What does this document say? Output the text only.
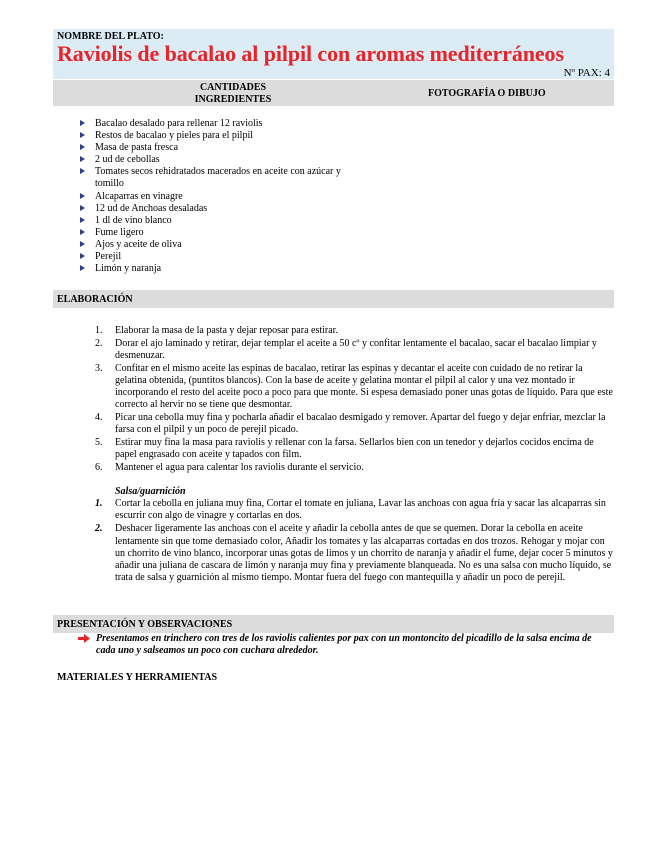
NOMBRE DEL PLATO:
Raviolis de bacalao al pilpil con aromas mediterráneos
Nº PAX: 4
CANTIDADES INGREDIENTES
FOTOGRAFÍA O DIBUJO
Bacalao desalado para rellenar 12 raviolis
Restos de bacalao y pieles para el pilpil
Masa de pasta fresca
2 ud de cebollas
Tomates secos rehidratados macerados en aceite con azúcar y tomillo
Alcaparras en vinagre
12 ud de Anchoas desaladas
1 dl de vino blanco
Fume ligero
Ajos y aceite de oliva
Perejil
Limón y naranja
ELABORACIÓN
1. Elaborar la masa de la pasta y dejar reposar para estirar.
2. Dorar el ajo laminado y retirar, dejar templar el aceite a 50 cº y confitar lentamente el bacalao, sacar el bacalao limpiar y desmenuzar.
3. Confitar en el mismo aceite las espinas de bacalao, retirar las espinas y decantar el aceite con cuidado de no retirar la gelatina obtenida, (puntitos blancos). Con la base de aceite y gelatina montar el pilpil al calor y una vez montado ir incorporando el resto del aceite poco a poco para que monte. Si espesa demasiado poner unas gotas de líquido. Para que este correcto al hervir no se tiene que desmontar.
4. Picar una cebolla muy fina y pocharla añadir el bacalao desmigado y remover. Apartar del fuego y dejar enfriar, mezclar la farsa con el pilpil y un poco de perejil picado.
5. Estirar muy fina la masa para raviolis y rellenar con la farsa. Sellarlos bien con un tenedor y dejarlos cocidos encima de papel engrasado con aceite y tapados con film.
6. Mantener el agua para calentar los raviolis durante el servicio.
Salsa/guarnición
1. Cortar la cebolla en juliana muy fina, Cortar el tomate en juliana, Lavar las anchoas con agua fría y sacar las alcaparras sin escurrir con algo de vinagre y cortarlas en dos.
2. Deshacer ligeramente las anchoas con el aceite y añadir la cebolla antes de que se quemen. Dorar la cebolla en aceite lentamente sin que tome demasiado color, Añadir los tomates y las alcaparras cortadas en dos trozos. Rehogar y mojar con un chorrito de vino blanco, incorporar unas gotas de limos y un chorrito de naranja y añadir el fume, dejar cocer 5 minutos y añadir una juliana de cascara de limón y naranja muy fina y previamente blanqueada. No es una salsa con mucho líquido, se trata de salsa y guarnición al mismo tiempo. Montar fuera del fuego con mantequilla y añadir un poco de perejil.
PRESENTACIÓN Y OBSERVACIONES
Presentamos en trinchero con tres de los raviolis calientes por pax con un montoncito del picadillo de la salsa encima de cada uno y salseamos un poco con cuchara alrededor.
MATERIALES Y HERRAMIENTAS
